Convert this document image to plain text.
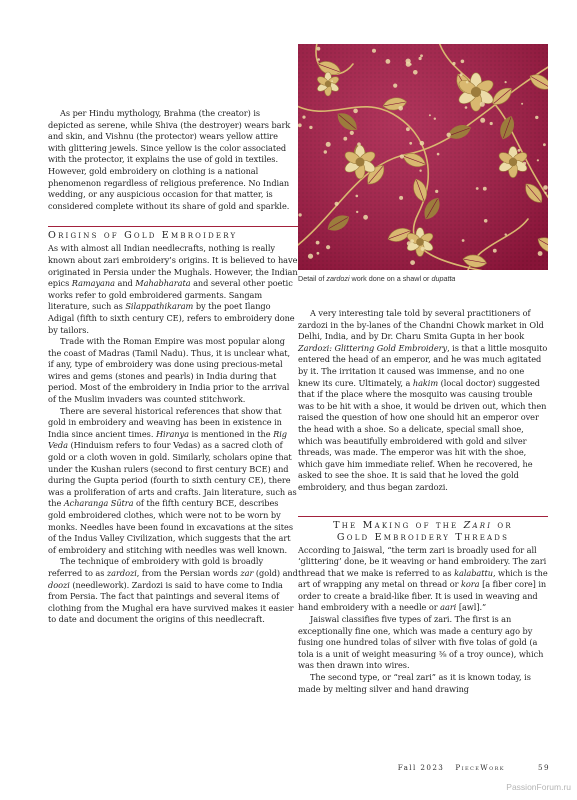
Detail of zardozi work done on a shawl or dupatta

As per Hindu mythology, Brahma (the creator) is depicted as serene, while Shiva (the destroyer) wears bark and skin, and Vishnu (the protector) wears yellow attire with glittering jewels. Since yellow is the color associated with the protector, it explains the use of gold in textiles. However, gold embroidery on clothing is a national phenomenon regardless of religious preference. No Indian wedding, or any auspicious occasion for that matter, is considered complete without its share of gold and sparkle.

Origins of Gold Embroidery

As with almost all Indian needlecrafts, nothing is really known about zari embroidery’s origins. It is believed to have originated in Persia under the Mughals. However, the Indian epics Ramayana and Mahabharata and several other poetic works refer to gold embroidered garments. Sangam literature, such as Silappathikaram by the poet Ilango Adigal (fifth to sixth century CE), refers to embroidery done by tailors.

Trade with the Roman Empire was most popular along the coast of Madras (Tamil Nadu). Thus, it is unclear what, if any, type of embroidery was done using precious-metal wires and gems (stones and pearls) in India during that period. Most of the embroidery in India prior to the arrival of the Muslim invaders was counted stitchwork.

There are several historical references that show that gold in embroidery and weaving has been in existence in India since ancient times. Hiranya is mentioned in the Rig Veda (Hinduism refers to four Vedas) as a sacred cloth of gold or a cloth woven in gold. Similarly, scholars opine that under the Kushan rulers (second to first century BCE) and during the Gupta period (fourth to sixth century CE), there was a proliferation of arts and crafts. Jain literature, such as the Acharanga Sūtra of the fifth century BCE, describes gold embroidered clothes, which were not to be worn by monks. Needles have been found in excavations at the sites of the Indus Valley Civilization, which suggests that the art of embroidery and stitching with needles was well known.

The technique of embroidery with gold is broadly referred to as zardozi, from the Persian words zar (gold) and doozi (needlework). Zardozi is said to have come to India from Persia. The fact that paintings and several items of clothing from the Mughal era have survived makes it easier to date and document the origins of this needlecraft.

A very interesting tale told by several practitioners of zardozi in the by-lanes of the Chandni Chowk market in Old Delhi, India, and by Dr. Charu Smita Gupta in her book Zardozi: Glittering Gold Embroidery, is that a little mosquito entered the head of an emperor, and he was much agitated by it. The irritation it caused was immense, and no one knew its cure. Ultimately, a hakim (local doctor) suggested that if the place where the mosquito was causing trouble was to be hit with a shoe, it would be driven out, which then raised the question of how one should hit an emperor over the head with a shoe. So a delicate, special small shoe, which was beautifully embroidered with gold and silver threads, was made. The emperor was hit with the shoe, which gave him immediate relief. When he recovered, he asked to see the shoe. It is said that he loved the gold embroidery, and thus began zardozi.

The Making of the Zari or
Gold Embroidery Threads

According to Jaiswal, “the term zari is broadly used for all ‘glittering’ done, be it weaving or hand embroidery. The zari thread that we make is referred to as kalabattu, which is the art of wrapping any metal on thread or kora [a fiber core] in order to create a braid-like fiber. It is used in weaving and hand embroidery with a needle or aari [awl].”

Jaiswal classifies five types of zari. The first is an exceptionally fine one, which was made a century ago by fusing one hundred tolas of silver with five tolas of gold (a tola is a unit of weight measuring ⅜ of a troy ounce), which was then drawn into wires.

The second type, or “real zari” as it is known today, is made by melting silver and hand drawing

Fall 2023 PieceWork	59
PassionForum.ru
